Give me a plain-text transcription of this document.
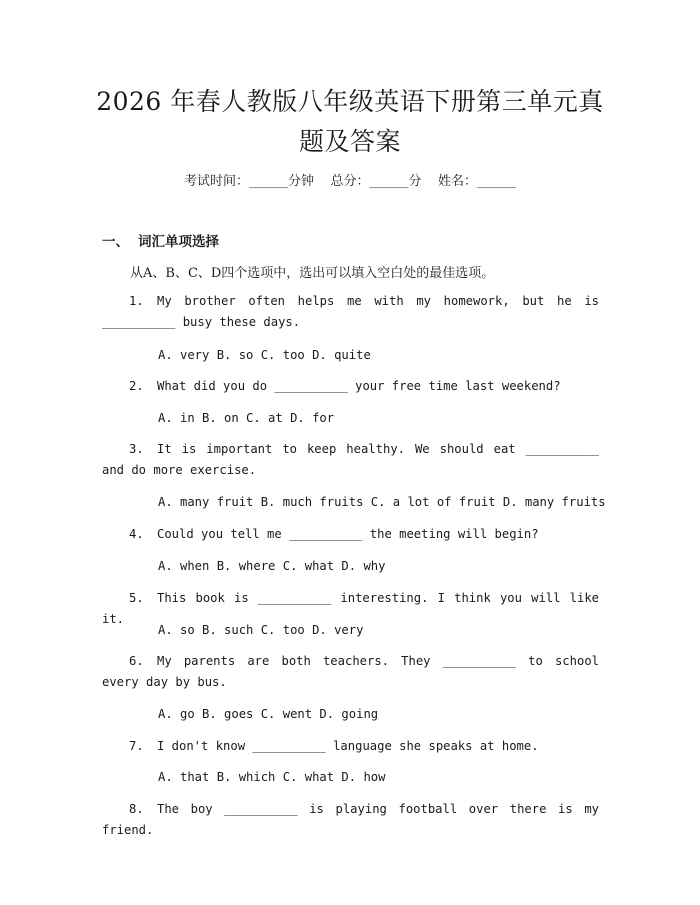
2026 年春人教版八年级英语下册第三单元真
题及答案
考试时间：______分钟    总分：______分    姓名：______
一、 词汇单项选择
从A、B、C、D四个选项中，选出可以填入空白处的最佳选项。
1. My brother often helps me with my homework, but he is __________ busy these days.
A. very B. so C. too D. quite
2. What did you do __________ your free time last weekend?
A. in B. on C. at D. for
3. It is important to keep healthy. We should eat __________ and do more exercise.
A. many fruit B. much fruits C. a lot of fruit D. many fruits
4. Could you tell me __________ the meeting will begin?
A. when B. where C. what D. why
5. This book is __________ interesting. I think you will like it.
A. so B. such C. too D. very
6. My parents are both teachers. They __________ to school every day by bus.
A. go B. goes C. went D. going
7. I don't know __________ language she speaks at home.
A. that B. which C. what D. how
8. The boy __________ is playing football over there is my friend.
